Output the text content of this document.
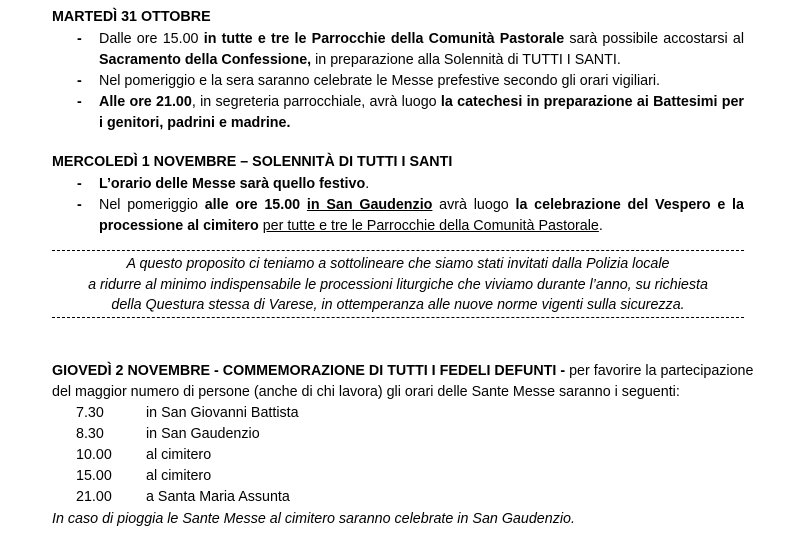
MARTEDÌ 31 OTTOBRE
- Dalle ore 15.00 in tutte e tre le Parrocchie della Comunità Pastorale sarà possibile accostarsi al
Sacramento della Confessione, in preparazione alla Solennità di TUTTI I SANTI.
- Nel pomeriggio e la sera saranno celebrate le Messe prefestive secondo gli orari vigiliari.
- Alle ore 21.00, in segreteria parrocchiale, avrà luogo la catechesi in preparazione ai Battesimi per
i genitori, padrini e madrine.
MERCOLEDÌ 1 NOVEMBRE – SOLENNITÀ DI TUTTI I SANTI
- L’orario delle Messe sarà quello festivo.
- Nel pomeriggio alle ore 15.00 in San Gaudenzio avrà luogo la celebrazione del Vespero e la
processione al cimitero per tutte e tre le Parrocchie della Comunità Pastorale.
A questo proposito ci teniamo a sottolineare che siamo stati invitati dalla Polizia locale
a ridurre al minimo indispensabile le processioni liturgiche che viviamo durante l’anno, su richiesta
della Questura stessa di Varese, in ottemperanza alle nuove norme vigenti sulla sicurezza.
GIOVEDÌ 2 NOVEMBRE - COMMEMORAZIONE DI TUTTI I FEDELI DEFUNTI - per favorire la partecipazione
del maggior numero di persone (anche di chi lavora) gli orari delle Sante Messe saranno i seguenti:
7.30	in San Giovanni Battista
8.30	in San Gaudenzio
10.00 al cimitero
15.00 al cimitero
21.00 a Santa Maria Assunta
In caso di pioggia le Sante Messe al cimitero saranno celebrate in San Gaudenzio.
